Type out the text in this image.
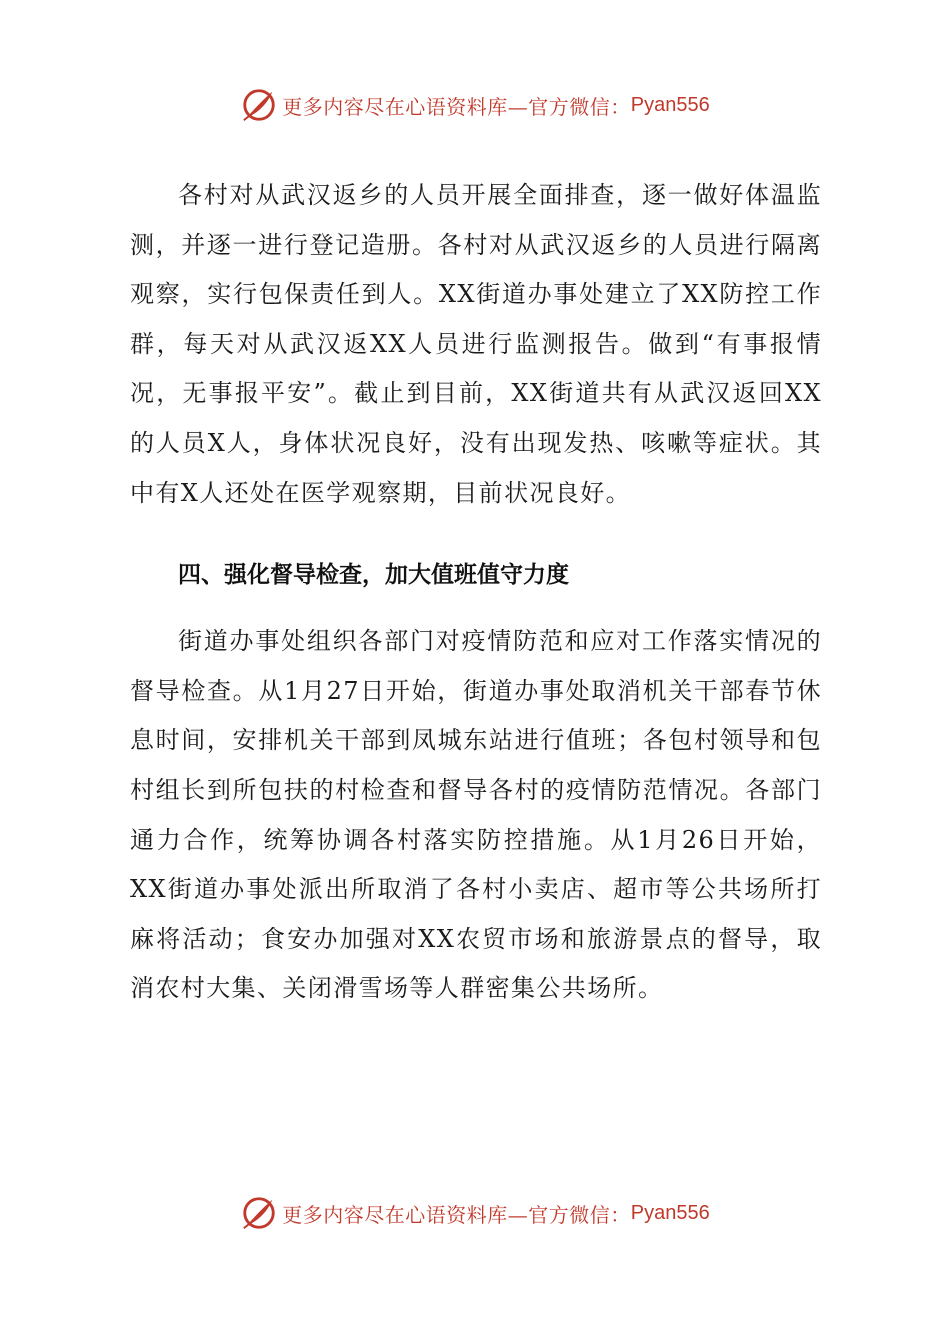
更多内容尽在心语资料库—官方微信： Pyan556

各村对从武汉返乡的人员开展全面排查，逐一做好体温监测，并逐一进行登记造册。各村对从武汉返乡的人员进行隔离观察，实行包保责任到人。XX街道办事处建立了XX防控工作群，每天对从武汉返XX人员进行监测报告。做到“有事报情况，无事报平安”。截止到目前，XX街道共有从武汉返回XX的人员X人，身体状况良好，没有出现发热、咳嗽等症状。其中有X人还处在医学观察期，目前状况良好。

四、强化督导检查，加大值班值守力度

街道办事处组织各部门对疫情防范和应对工作落实情况的督导检查。从1月27日开始，街道办事处取消机关干部春节休息时间，安排机关干部到凤城东站进行值班；各包村领导和包村组长到所包扶的村检查和督导各村的疫情防范情况。各部门通力合作，统筹协调各村落实防控措施。从1月26日开始，XX街道办事处派出所取消了各村小卖店、超市等公共场所打麻将活动；食安办加强对XX农贸市场和旅游景点的督导，取消农村大集、关闭滑雪场等人群密集公共场所。

更多内容尽在心语资料库—官方微信： Pyan556
